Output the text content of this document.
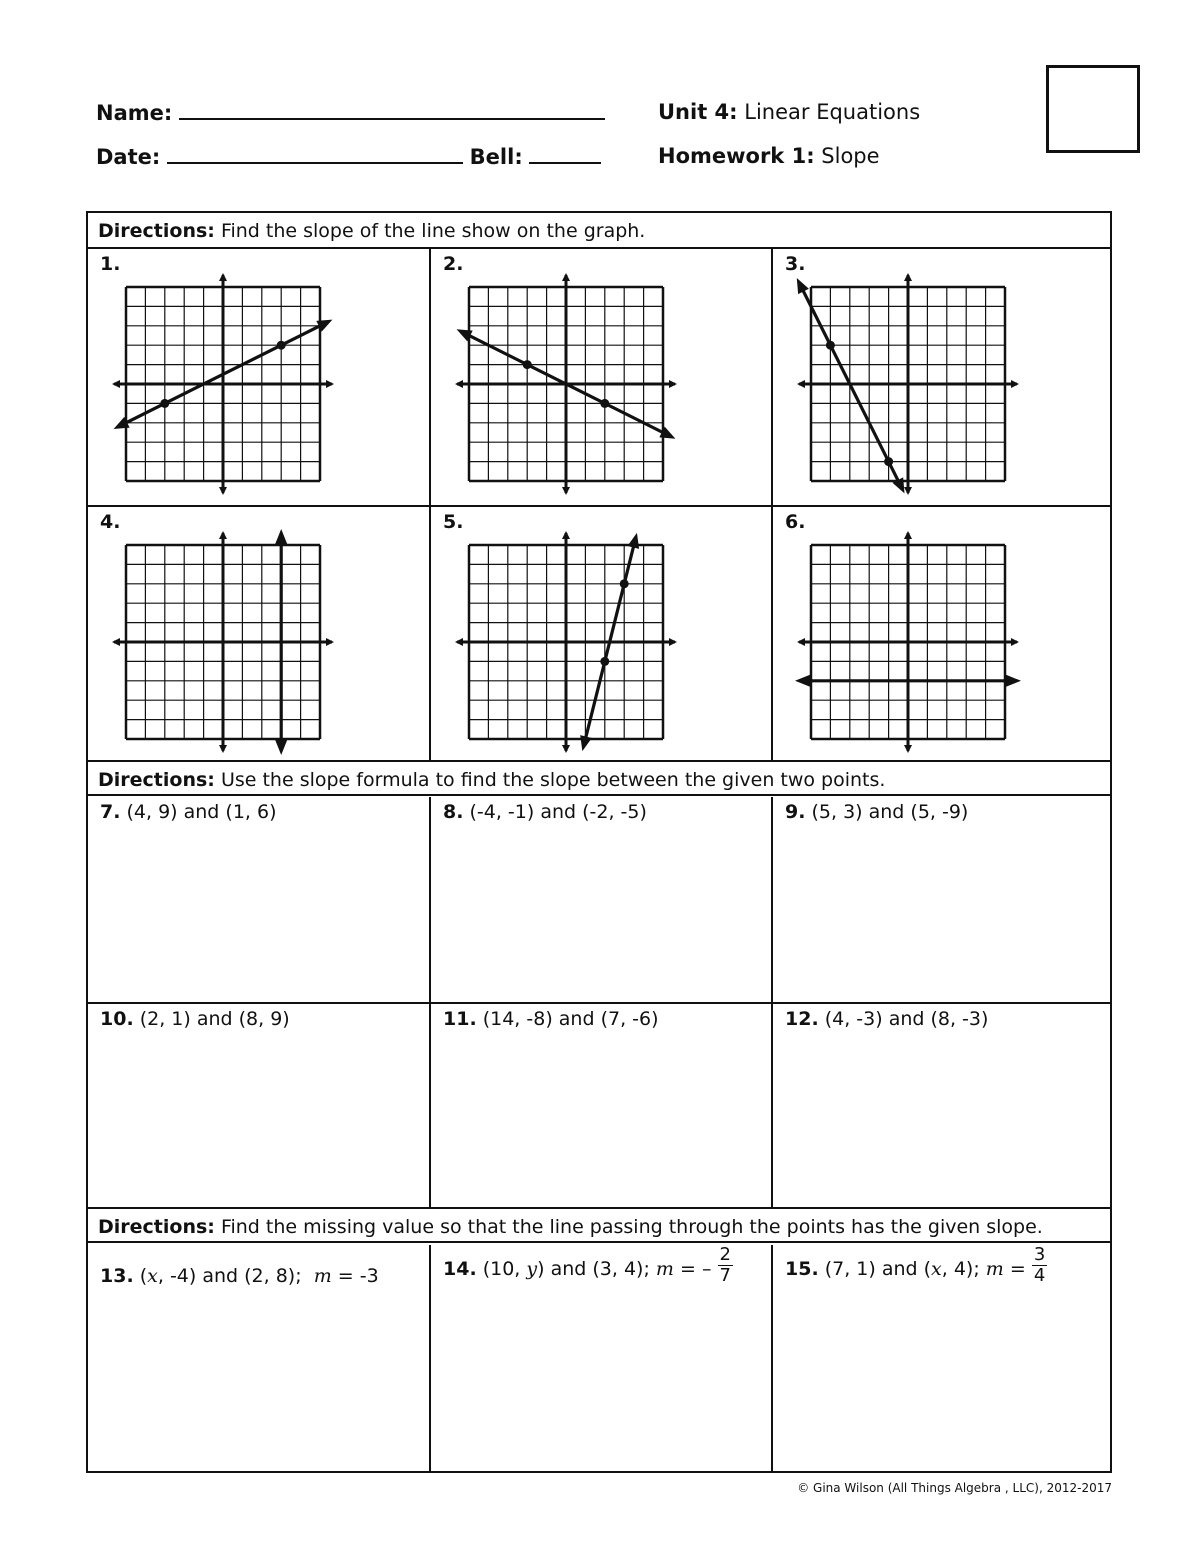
Name:
Date:	Bell:
Unit 4: Linear Equations
Homework 1: Slope
Directions: Find the slope of the line show on the graph.
1.	2.	3.
4.	5.	6.
Directions: Use the slope formula to find the slope between the given two points.
7. (4, 9) and (1, 6)	8. (-4, -1) and (-2, -5)	9. (5, 3) and (5, -9)
10. (2, 1) and (8, 9)	11. (14, -8) and (7, -6)	12. (4, -3) and (8, -3)
Directions: Find the missing value so that the line passing through the points has the given slope.
13. (x, -4) and (2, 8); m = -3	14. (10, y) and (3, 4); m = – $\frac{2}{7}$	15. (7, 1) and (x, 4); $m = \frac{3}{4}$
© Gina Wilson (All Things Algebra , LLC), 2012-2017
